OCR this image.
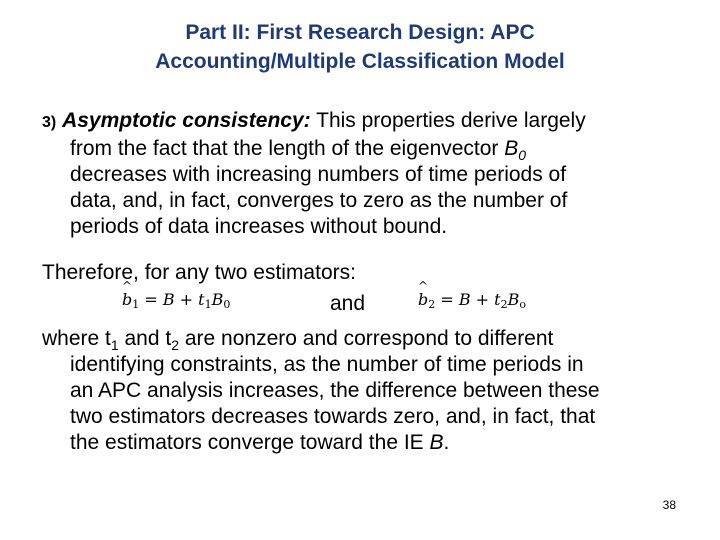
Part II: First Research Design: APC
Accounting/Multiple Classification Model
3) Asymptotic consistency: This properties derive largely
from the fact that the length of the eigenvector $B_0$
decreases with increasing numbers of time periods of
data, and, in fact, converges to zero as the number of
periods of data increases without bound.
Therefore, for any two estimators:
^ $b_1 = B + t_1B_0$	and
^	$b_2 = B + t_2B_o$
where $t_1$ and $t_2$ are nonzero and correspond to different
identifying constraints, as the number of time periods in
an APC analysis increases, the difference between these
two estimators decreases towards zero, and, in fact, that
the estimators converge toward the IE B.
38
